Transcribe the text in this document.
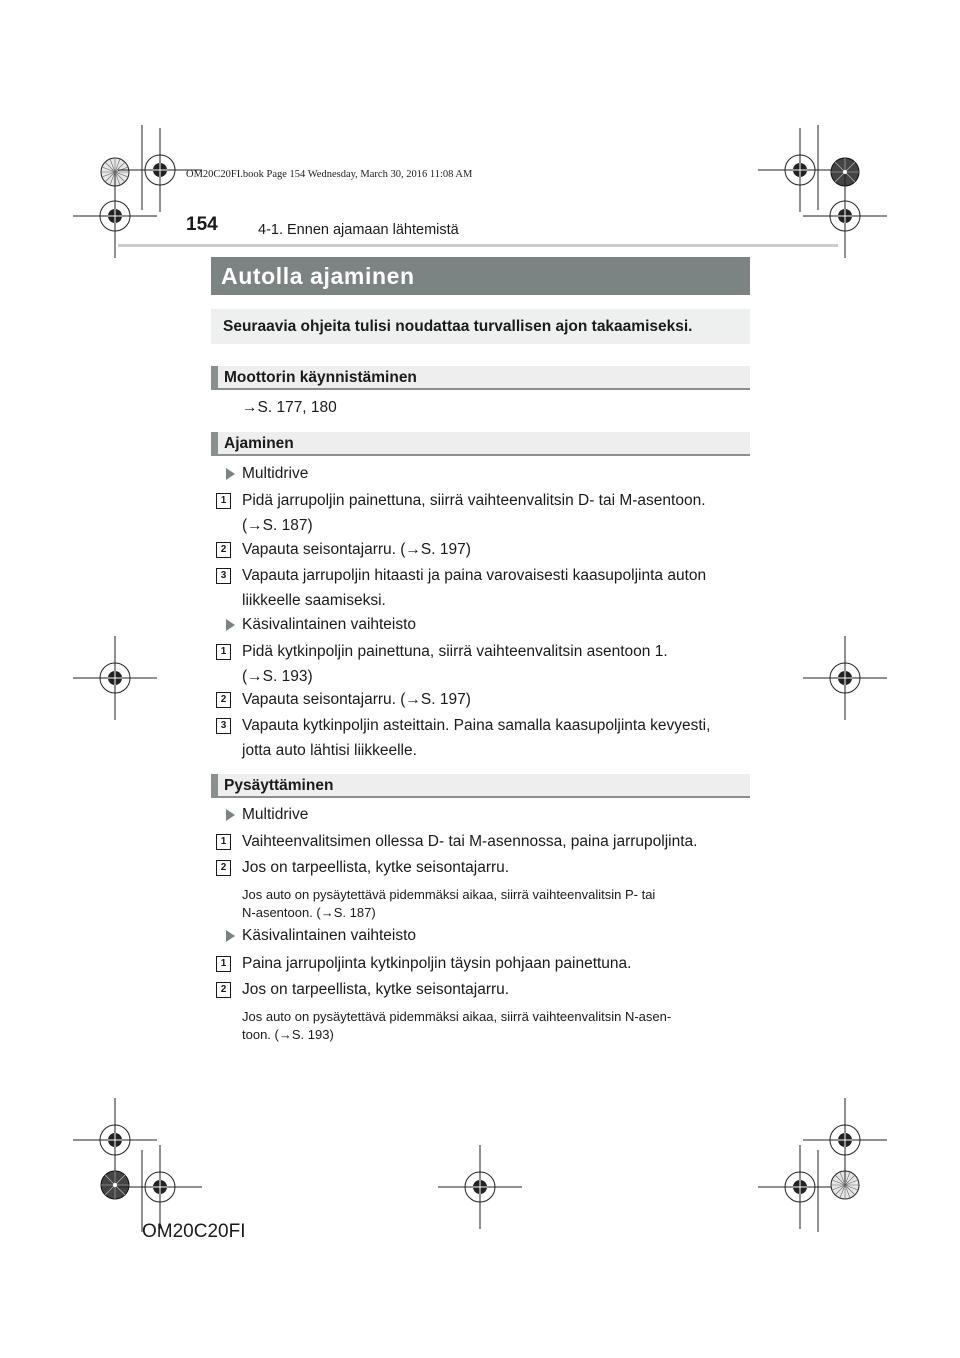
OM20C20FI.book Page 154 Wednesday, March 30, 2016 11:08 AM
154	4-1. Ennen ajamaan lähtemistä
Autolla ajaminen
Seuraavia ohjeita tulisi noudattaa turvallisen ajon takaamiseksi.
Moottorin käynnistäminen
→S. 177, 180
Ajaminen
Multidrive
1	Pidä jarrupoljin painettuna, siirrä vaihteenvalitsin D- tai M-asentoon.
(→S. 187)
2	Vapauta seisontajarru. (→S. 197)
3	Vapauta jarrupoljin hitaasti ja paina varovaisesti kaasupoljinta auton
liikkeelle saamiseksi.
Käsivalintainen vaihteisto
1	Pidä kytkinpoljin painettuna, siirrä vaihteenvalitsin asentoon 1.
(→S. 193)
2	Vapauta seisontajarru. (→S. 197)
3	Vapauta kytkinpoljin asteittain. Paina samalla kaasupoljinta kevyesti,
jotta auto lähtisi liikkeelle.
Pysäyttäminen
Multidrive
1	Vaihteenvalitsimen ollessa D- tai M-asennossa, paina jarrupoljinta.
2	Jos on tarpeellista, kytke seisontajarru.
Jos auto on pysäytettävä pidemmäksi aikaa, siirrä vaihteenvalitsin P- tai
N-asentoon. (→S. 187)
Käsivalintainen vaihteisto
1	Paina jarrupoljinta kytkinpoljin täysin pohjaan painettuna.
2	Jos on tarpeellista, kytke seisontajarru.
Jos auto on pysäytettävä pidemmäksi aikaa, siirrä vaihteenvalitsin N-asen-
toon. (→S. 193)
OM20C20FI
